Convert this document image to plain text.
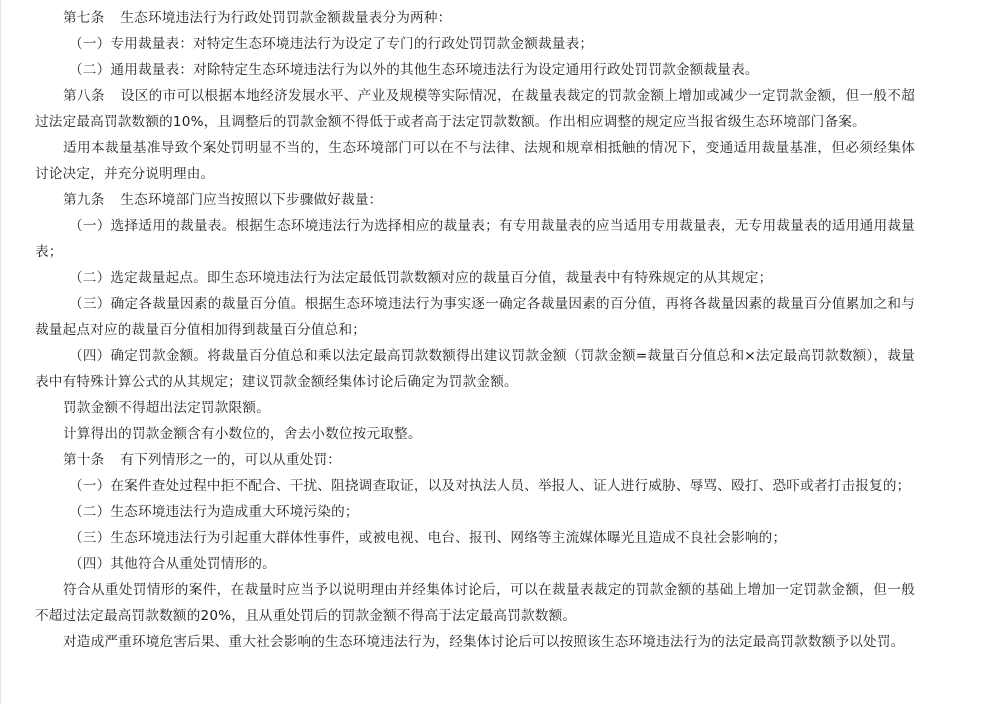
第七条 生态环境违法行为行政处罚罚款金额裁量表分为两种：

（一）专用裁量表：对特定生态环境违法行为设定了专门的行政处罚罚款金额裁量表；

（二）通用裁量表：对除特定生态环境违法行为以外的其他生态环境违法行为设定通用行政处罚罚款金额裁量表。

第八条 设区的市可以根据本地经济发展水平、产业及规模等实际情况，在裁量表裁定的罚款金额上增加或减少一定罚款金额，但一般不超过法定最高罚款数额的10%，且调整后的罚款金额不得低于或者高于法定罚款数额。作出相应调整的规定应当报省级生态环境部门备案。

适用本裁量基准导致个案处罚明显不当的，生态环境部门可以在不与法律、法规和规章相抵触的情况下，变通适用裁量基准，但必须经集体讨论决定，并充分说明理由。

第九条 生态环境部门应当按照以下步骤做好裁量：

（一）选择适用的裁量表。根据生态环境违法行为选择相应的裁量表；有专用裁量表的应当适用专用裁量表，无专用裁量表的适用通用裁量表；

（二）选定裁量起点。即生态环境违法行为法定最低罚款数额对应的裁量百分值，裁量表中有特殊规定的从其规定；

（三）确定各裁量因素的裁量百分值。根据生态环境违法行为事实逐一确定各裁量因素的百分值，再将各裁量因素的裁量百分值累加之和与裁量起点对应的裁量百分值相加得到裁量百分值总和；

（四）确定罚款金额。将裁量百分值总和乘以法定最高罚款数额得出建议罚款金额（罚款金额=裁量百分值总和×法定最高罚款数额），裁量表中有特殊计算公式的从其规定；建议罚款金额经集体讨论后确定为罚款金额。

罚款金额不得超出法定罚款限额。

计算得出的罚款金额含有小数位的，舍去小数位按元取整。

第十条 有下列情形之一的，可以从重处罚：

（一）在案件查处过程中拒不配合、干扰、阻挠调查取证，以及对执法人员、举报人、证人进行威胁、辱骂、殴打、恐吓或者打击报复的；

（二）生态环境违法行为造成重大环境污染的；

（三）生态环境违法行为引起重大群体性事件，或被电视、电台、报刊、网络等主流媒体曝光且造成不良社会影响的；

（四）其他符合从重处罚情形的。

符合从重处罚情形的案件，在裁量时应当予以说明理由并经集体讨论后，可以在裁量表裁定的罚款金额的基础上增加一定罚款金额，但一般不超过法定最高罚款数额的20%，且从重处罚后的罚款金额不得高于法定最高罚款数额。

对造成严重环境危害后果、重大社会影响的生态环境违法行为，经集体讨论后可以按照该生态环境违法行为的法定最高罚款数额予以处罚。
